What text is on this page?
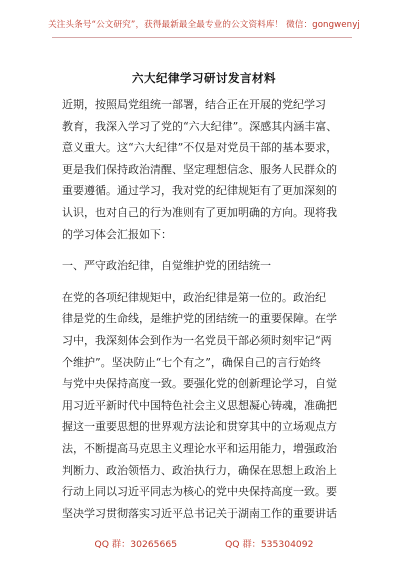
关注头条号“公文研究”，获得最新最全最专业的公文资料库！ 微信：gongwenyj
六大纪律学习研讨发言材料
近期，按照局党组统一部署，结合正在开展的党纪学习
教育，我深入学习了党的“六大纪律”。深感其内涵丰富、
意义重大。这“六大纪律”不仅是对党员干部的基本要求，
更是我们保持政治清醒、坚定理想信念、服务人民群众的
重要遵循。通过学习，我对党的纪律规矩有了更加深刻的
认识，也对自己的行为准则有了更加明确的方向。现将我
的学习体会汇报如下：
一、严守政治纪律，自觉维护党的团结统一
在党的各项纪律规矩中，政治纪律是第一位的。政治纪
律是党的生命线，是维护党的团结统一的重要保障。在学
习中，我深刻体会到作为一名党员干部必须时刻牢记“两
个维护”。坚决防止“七个有之”，确保自己的言行始终
与党中央保持高度一致。要强化党的创新理论学习，自觉
用习近平新时代中国特色社会主义思想凝心铸魂，准确把
握这一重要思想的世界观方法论和贯穿其中的立场观点方
法，不断提高马克思主义理论水平和运用能力，增强政治
判断力、政治领悟力、政治执行力，确保在思想上政治上
行动上同以习近平同志为核心的党中央保持高度一致。要
坚决学习贯彻落实习近平总书记关于湖南工作的重要讲话
QQ 群：30265665	QQ 群：535304092
